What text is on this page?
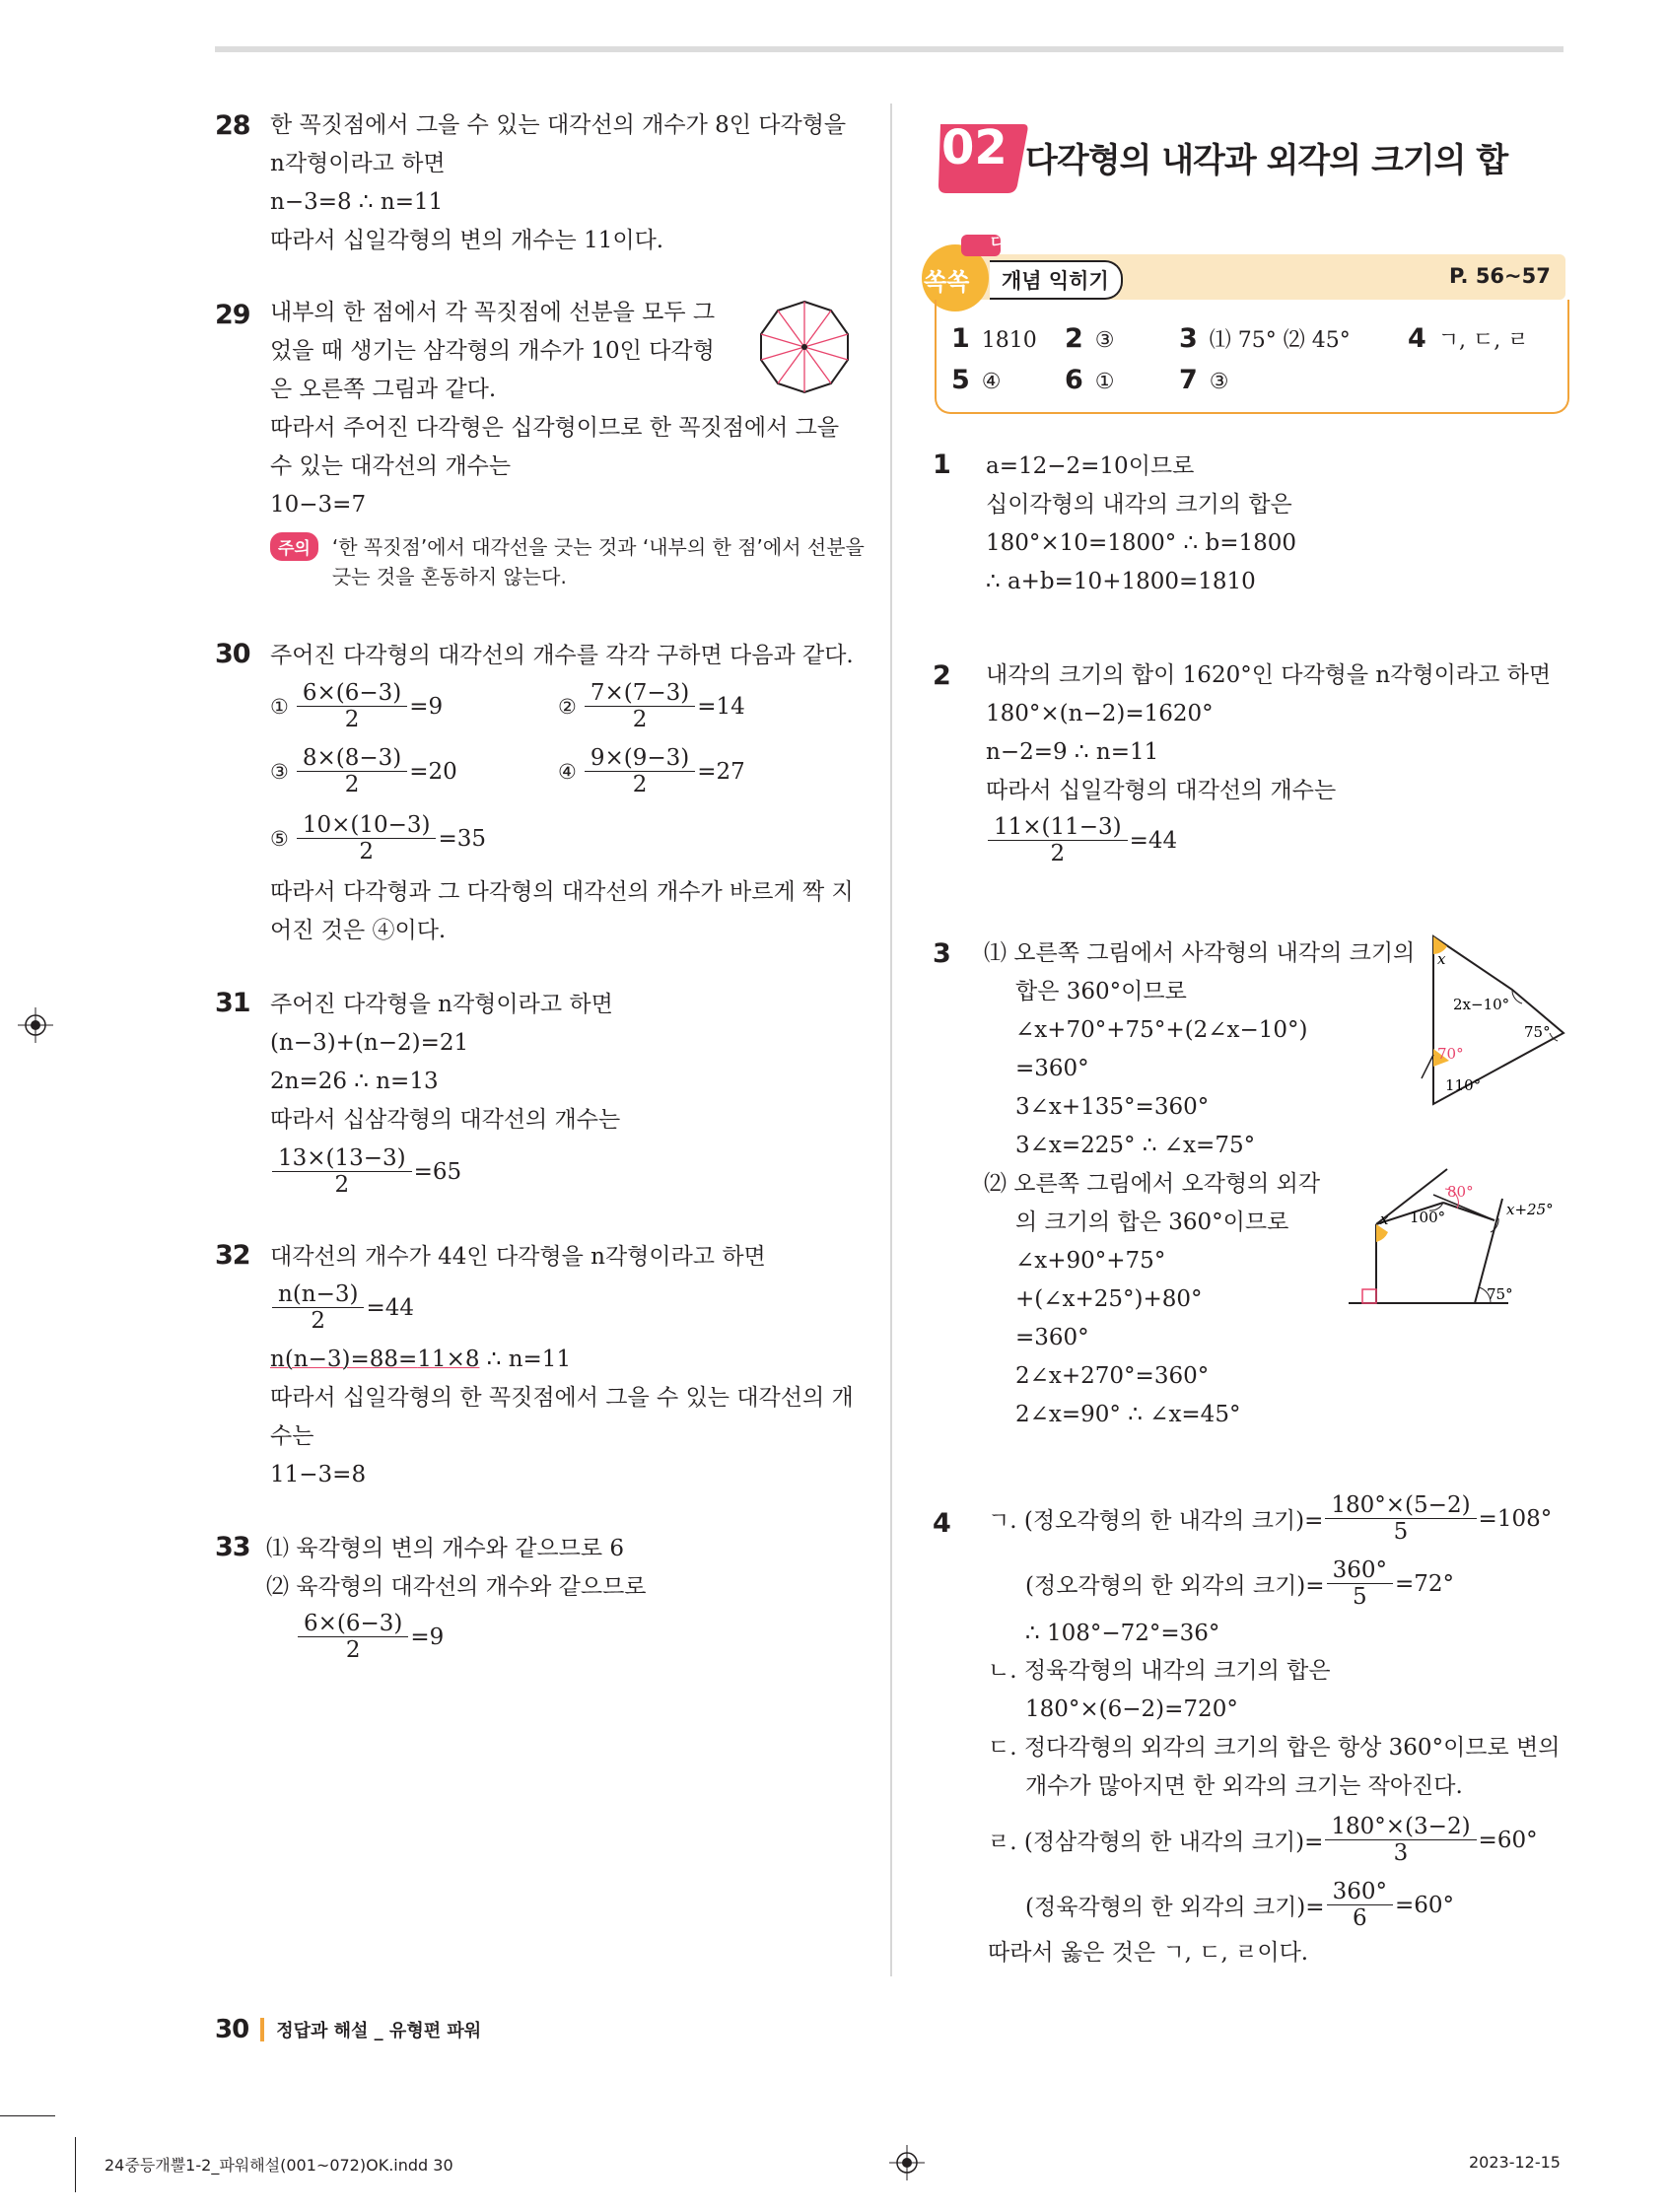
28 한 꼭짓점에서 그을 수 있는 대각선의 개수가 8인 다각형을
n각형이라고 하면
n−3=8 ∴ n=11
따라서 십일각형의 변의 개수는 11이다.
29 내부의 한 점에서 각 꼭짓점에 선분을 모두 그
었을 때 생기는 삼각형의 개수가 10인 다각형
은 오른쪽 그림과 같다.
따라서 주어진 다각형은 십각형이므로 한 꼭짓점에서 그을
수 있는 대각선의 개수는
10−3=7
주의	‘한 꼭짓점’에서 대각선을 긋는 것과 ‘내부의 한 점’에서 선분을
긋는 것을 혼동하지 않는다.
30 주어진 다각형의 대각선의 개수를 각각 구하면 다음과 같다.
① $\frac{6\times(6-3)}{2} =9$	② $\frac{7\times(7-3)}{2} =14$
③ $\frac{8\times(8-3)}{2} =20$	④ $\frac{9\times(9-3)}{2} =27$
⑤ $\frac{10\times(10-3)}{2} =35$
따라서 다각형과 그 다각형의 대각선의 개수가 바르게 짝 지
어진 것은 ④이다.
31 주어진 다각형을 n각형이라고 하면
(n−3)+(n−2)=21
2n=26 ∴ n=13
따라서 십삼각형의 대각선의 개수는
$\frac{13\times(13-3)}{2} =65$
32 대각선의 개수가 44인 다각형을 n각형이라고 하면
$\frac{n(n-3)}{2} =44$
n(n−3)=88=11×8 ∴ n=11
따라서 십일각형의 한 꼭짓점에서 그을 수 있는 대각선의 개
수는
11−3=8
33 ⑴ 육각형의 변의 개수와 같으므로 6
⑵ 육각형의 대각선의 개수와 같으므로
$\frac{6\times(6-3)}{2} =9$
02 다각형의 내각과 외각의 크기의 합
다시
쏙쏙 개념 익히기	P. 56~57
1 1810 2 ③ 3 ⑴ 75° ⑵ 45° 4 ㄱ, ㄷ, ㄹ
5 ④ 6 ① 7 ③
1 a=12−2=10이므로
십이각형의 내각의 크기의 합은
180°×10=1800° ∴ b=1800
∴ a+b=10+1800=1810
2 내각의 크기의 합이 1620°인 다각형을 n각형이라고 하면
180°×(n−2)=1620°
n−2=9 ∴ n=11
따라서 십일각형의 대각선의 개수는
$\frac{11\times(11-3)}{2} =44$
3 ⑴ 오른쪽 그림에서 사각형의 내각의 크기의
합은 360°이므로
∠x+70°+75°+(2∠x−10°)
=360°
3∠x+135°=360°
3∠x=225° ∴ ∠x=75°
⑵ 오른쪽 그림에서 오각형의 외각
의 크기의 합은 360°이므로
∠x+90°+75°
+(∠x+25°)+80°
=360°
2∠x+270°=360°
2∠x=90° ∴ ∠x=45°
x
2x−10°
75°
70°
110°
x 100°
80°
x+25°
75°
4 ㄱ. (정오각형의 한 내각의 크기)= $\frac{180^\circ\times(5-2)}{5} =108^\circ$
(정오각형의 한 외각의 크기)= $\frac{360^\circ}{5} =72^\circ$
∴ 108°−72°=36°
ㄴ. 정육각형의 내각의 크기의 합은
180°×(6−2)=720°
ㄷ. 정다각형의 외각의 크기의 합은 항상 360°이므로 변의
개수가 많아지면 한 외각의 크기는 작아진다.
ㄹ. (정삼각형의 한 내각의 크기)= $\frac{180^\circ\times(3-2)}{3} =60^\circ$
(정육각형의 한 외각의 크기)= $\frac{360^\circ}{6} =60^\circ$
따라서 옳은 것은 ㄱ, ㄷ, ㄹ이다.
30 정답과 해설 _ 유형편 파워
24중등개뿔1-2_파워해설(001~072)OK.indd 30	2023-12-15
